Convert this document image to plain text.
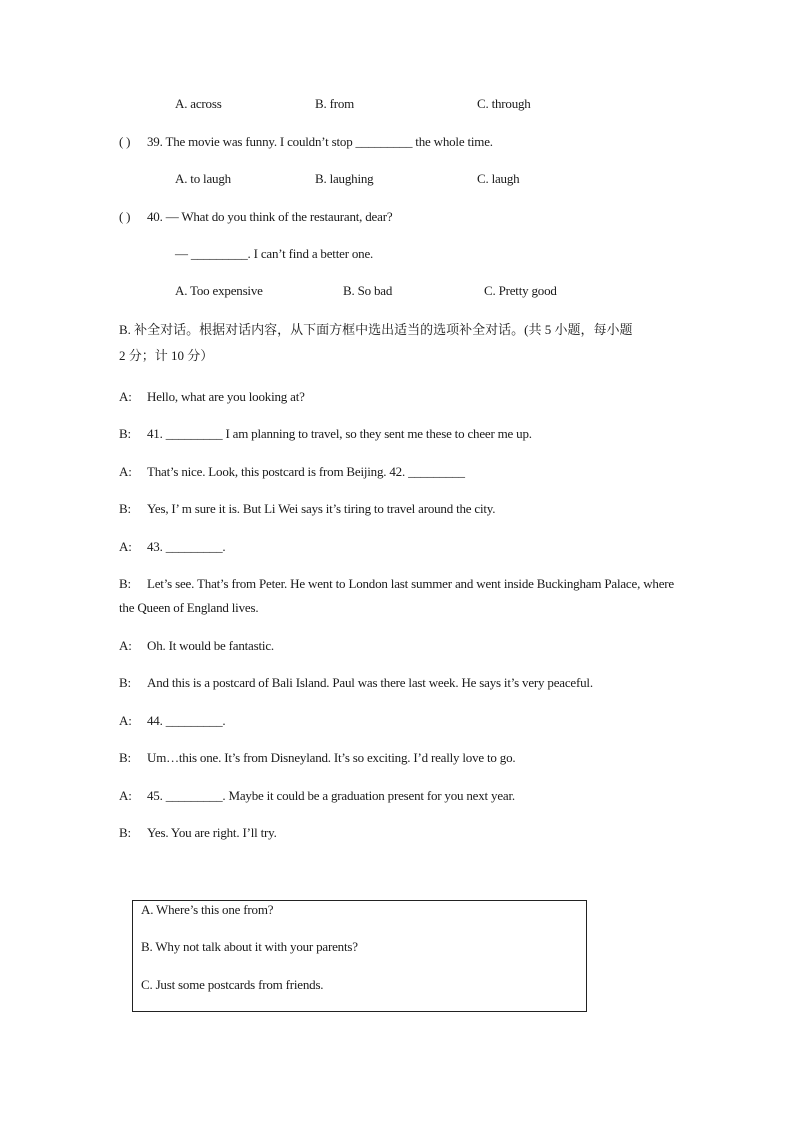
A. across	B. from	C. through
( ) 39. The movie was funny. I couldn’t stop _________ the whole time.
A. to laugh	B. laughing	C. laugh
( ) 40. — What do you think of the restaurant, dear?
— _________. I can’t find a better one.
A. Too expensive	B. So bad	C. Pretty good
B. 补全对话。根据对话内容，从下面方框中选出适当的选项补全对话。(共 5 小题，每小题
2 分；计 10 分）
A: Hello, what are you looking at?
B: 41. _________ I am planning to travel, so they sent me these to cheer me up.
A: That’s nice. Look, this postcard is from Beijing. 42. _________
B: Yes, I’ m sure it is. But Li Wei says it’s tiring to travel around the city.
A: 43. _________.
B:	Let’s see. That’s from Peter. He went to London last summer and went inside Buckingham Palace, where the Queen of England lives.
A: Oh. It would be fantastic.
B: And this is a postcard of Bali Island. Paul was there last week. He says it’s very peaceful.
A: 44. _________.
B: Um…this one. It’s from Disneyland. It’s so exciting. I’d really love to go.
A: 45. _________. Maybe it could be a graduation present for you next year.
B: Yes. You are right. I’ll try.
A. Where’s this one from?
B. Why not talk about it with your parents?
C. Just some postcards from friends.
